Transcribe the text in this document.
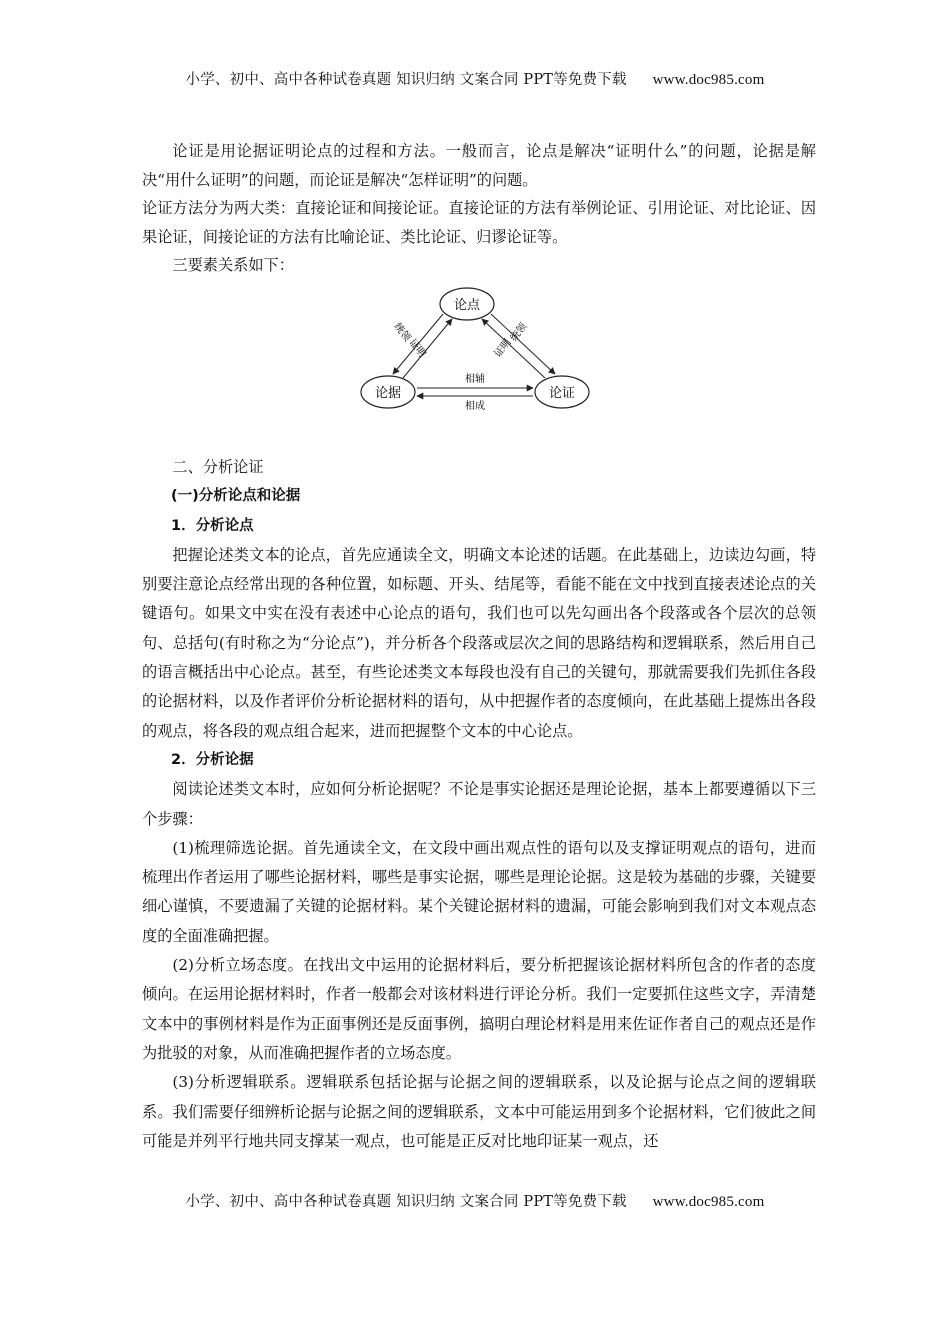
小学、初中、高中各种试卷真题 知识归纳 文案合同 PPT等免费下载 www.doc985.com

论证是用论据证明论点的过程和方法。一般而言，论点是解决“证明什么”的问题，论据是解决“用什么证明”的问题，而论证是解决“怎样证明”的问题。

论证方法分为两大类：直接论证和间接论证。直接论证的方法有举例论证、引用论证、对比论证、因果论证，间接论证的方法有比喻论证、类比论证、归谬论证等。

三要素关系如下：

论点
论据	论证
统领
证明	证明
统领
相辅
相成

二、分析论证

(一)分析论点和论据

1．分析论点

把握论述类文本的论点，首先应通读全文，明确文本论述的话题。在此基础上，边读边勾画，特别要注意论点经常出现的各种位置，如标题、开头、结尾等，看能不能在文中找到直接表述论点的关键语句。如果文中实在没有表述中心论点的语句，我们也可以先勾画出各个段落或各个层次的总领句、总括句(有时称之为“分论点”)，并分析各个段落或层次之间的思路结构和逻辑联系，然后用自己的语言概括出中心论点。甚至，有些论述类文本每段也没有自己的关键句，那就需要我们先抓住各段的论据材料，以及作者评价分析论据材料的语句，从中把握作者的态度倾向，在此基础上提炼出各段的观点，将各段的观点组合起来，进而把握整个文本的中心论点。

2．分析论据

阅读论述类文本时，应如何分析论据呢？不论是事实论据还是理论论据，基本上都要遵循以下三个步骤：

(1)梳理筛选论据。首先通读全文，在文段中画出观点性的语句以及支撑证明观点的语句，进而梳理出作者运用了哪些论据材料，哪些是事实论据，哪些是理论论据。这是较为基础的步骤，关键要细心谨慎，不要遗漏了关键的论据材料。某个关键论据材料的遗漏，可能会影响到我们对文本观点态度的全面准确把握。

(2)分析立场态度。在找出文中运用的论据材料后，要分析把握该论据材料所包含的作者的态度倾向。在运用论据材料时，作者一般都会对该材料进行评论分析。我们一定要抓住这些文字，弄清楚文本中的事例材料是作为正面事例还是反面事例，搞明白理论材料是用来佐证作者自己的观点还是作为批驳的对象，从而准确把握作者的立场态度。

(3)分析逻辑联系。逻辑联系包括论据与论据之间的逻辑联系，以及论据与论点之间的逻辑联系。我们需要仔细辨析论据与论据之间的逻辑联系，文本中可能运用到多个论据材料，它们彼此之间可能是并列平行地共同支撑某一观点，也可能是正反对比地印证某一观点，还

小学、初中、高中各种试卷真题 知识归纳 文案合同 PPT等免费下载 www.doc985.com
